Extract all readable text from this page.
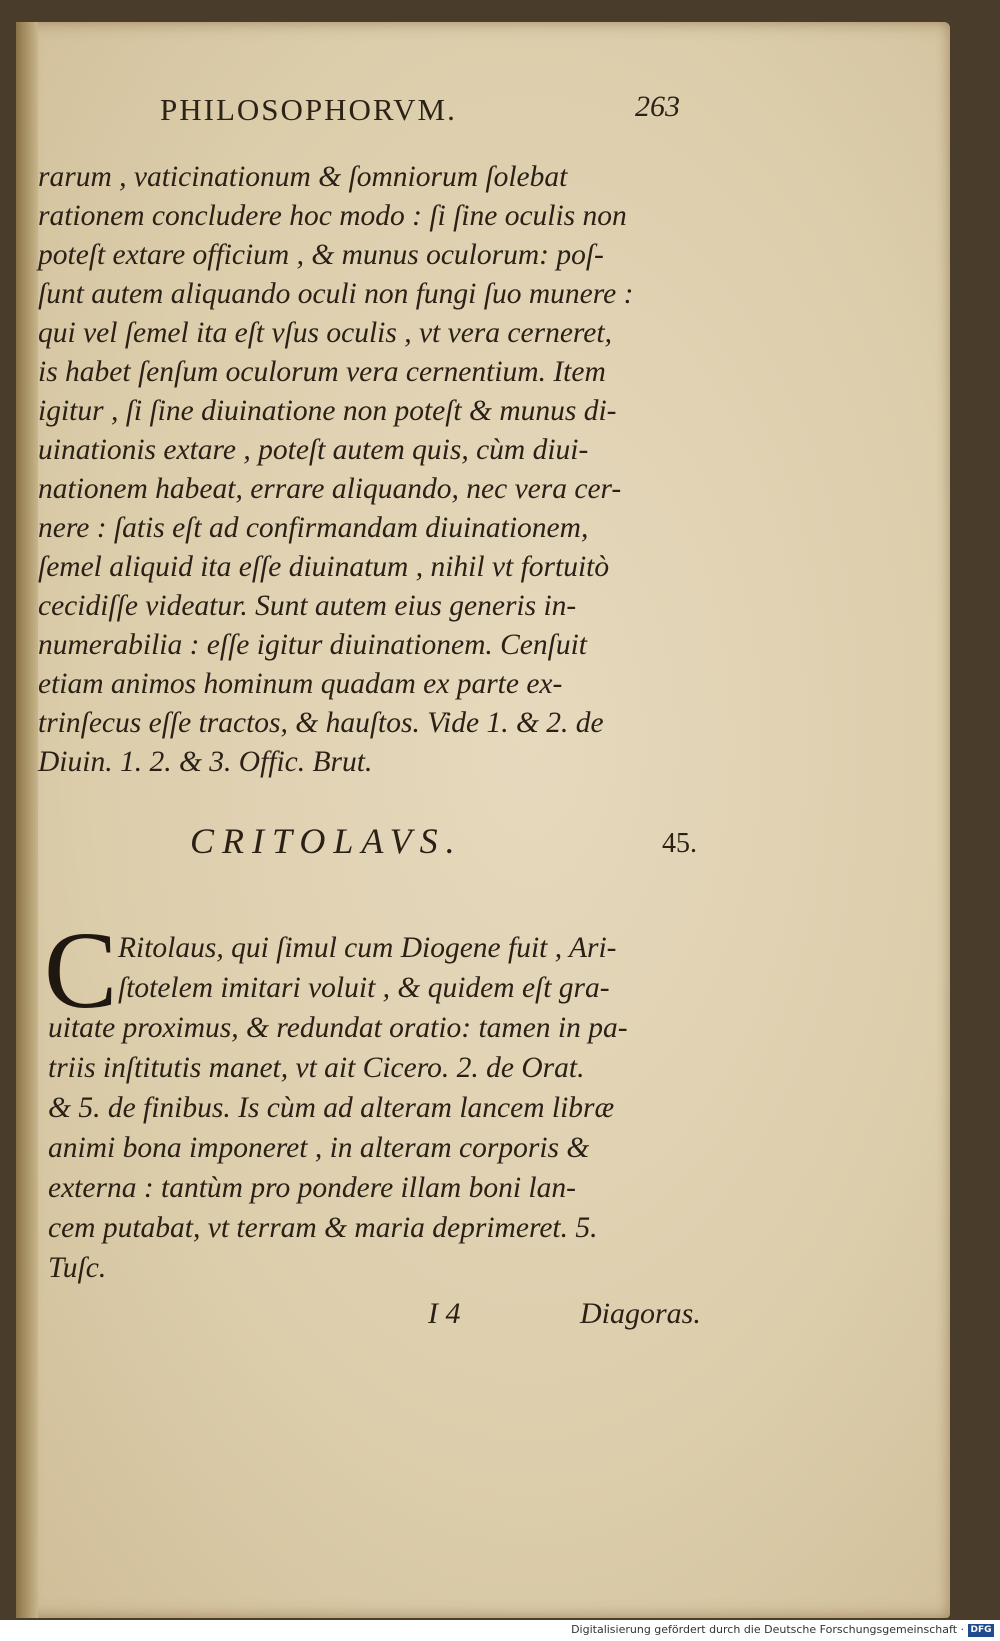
PHILOSOPHORVM.	263
rarum , vaticinationum & ſomniorum ſolebat
rationem concludere hoc modo : ſi ſine oculis non
poteſt extare officium , & munus oculorum: poſ-
ſunt autem aliquando oculi non fungi ſuo munere :
qui vel ſemel ita eſt vſus oculis , vt vera cerneret,
is habet ſenſum oculorum vera cernentium. Item
igitur , ſi ſine diuinatione non poteſt & munus di-
uinationis extare , poteſt autem quis, cùm diui-
nationem habeat, errare aliquando, nec vera cer-
nere : ſatis eſt ad confirmandam diuinationem,
ſemel aliquid ita eſſe diuinatum , nihil vt fortuitò
cecidiſſe videatur. Sunt autem eius generis in-
numerabilia : eſſe igitur diuinationem. Cenſuit
etiam animos hominum quadam ex parte ex-
trinſecus eſſe tractos, & hauſtos. Vide 1. & 2. de
Diuin. 1. 2. & 3. Offic. Brut.
CRITOLAVS.	45.
C Ritolaus, qui ſimul cum Diogene fuit , Ari-
ſtotelem imitari voluit , & quidem eſt gra-
uitate proximus, & redundat oratio: tamen in pa-
triis inſtitutis manet, vt ait Cicero. 2. de Orat.
& 5. de finibus. Is cùm ad alteram lancem libræ
animi bona imponeret , in alteram corporis &
externa : tantùm pro pondere illam boni lan-
cem putabat, vt terram & maria deprimeret. 5.
Tuſc.
I 4	Diagoras.
Digitalisierung gefördert durch die Deutsche Forschungsgemeinschaft · DFG
